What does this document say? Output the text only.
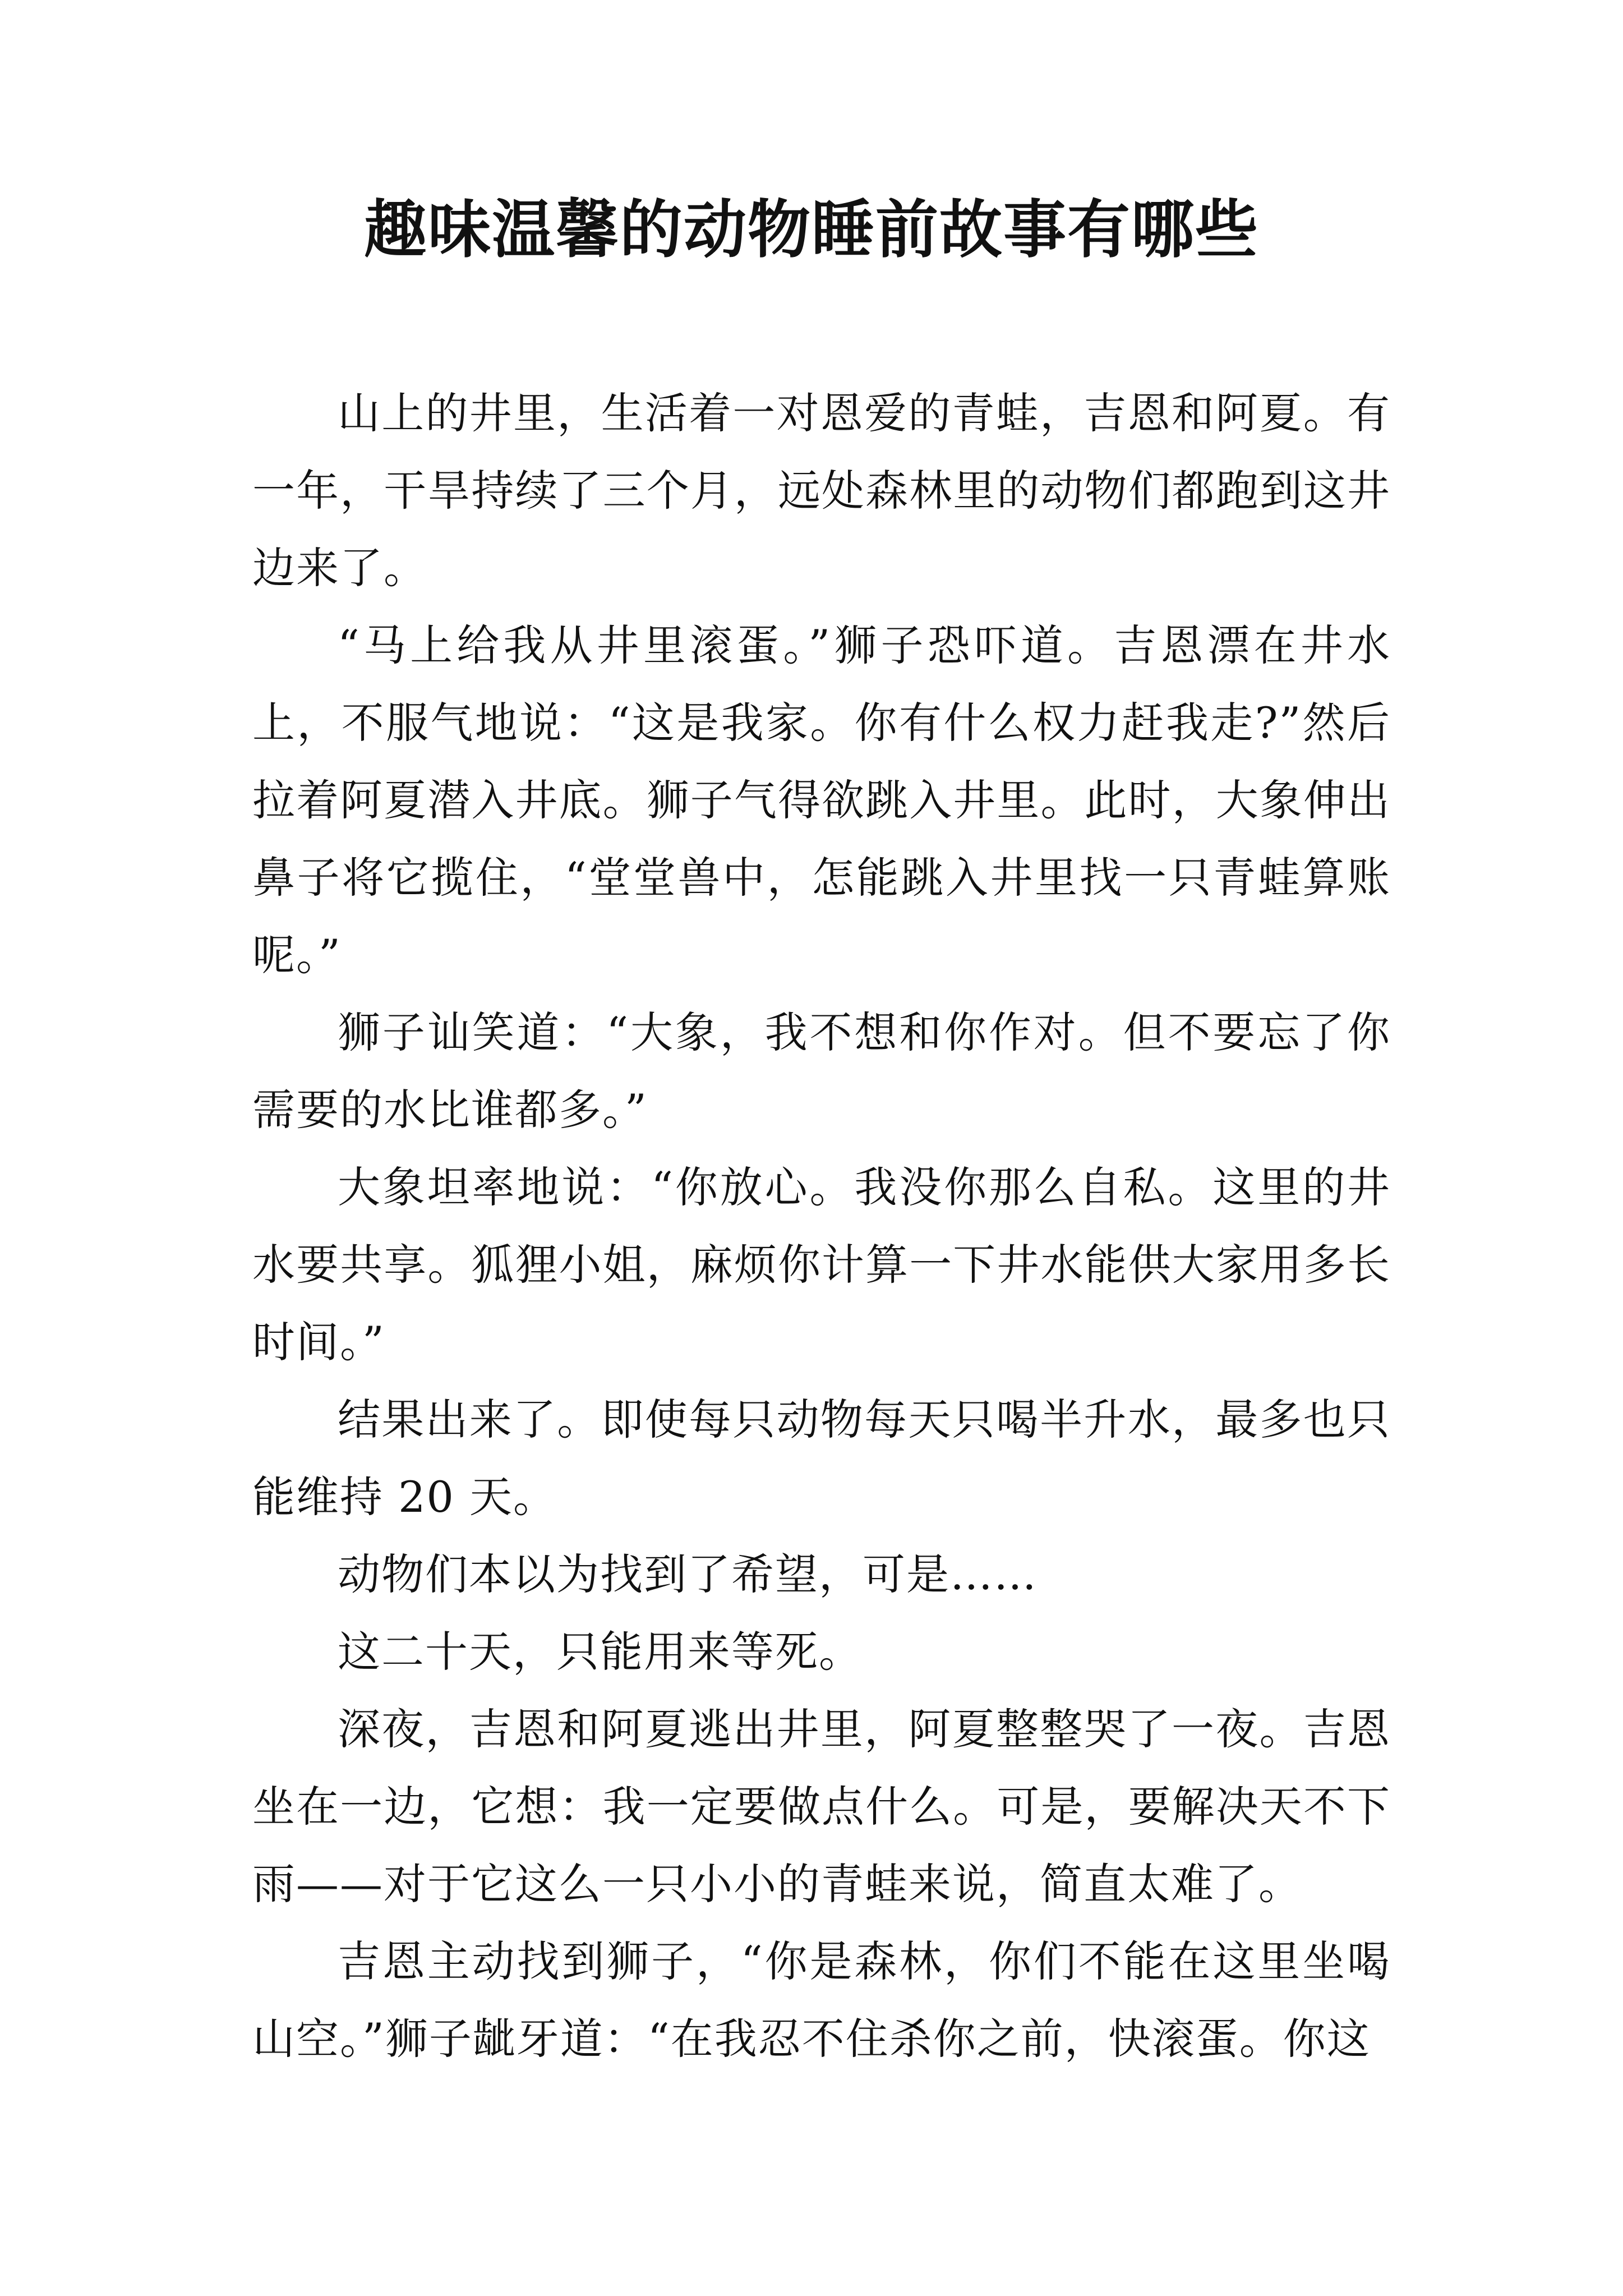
趣味温馨的动物睡前故事有哪些

山上的井里，生活着一对恩爱的青蛙，吉恩和阿夏。有一年，干旱持续了三个月，远处森林里的动物们都跑到这井边来了。

“马上给我从井里滚蛋。”狮子恐吓道。吉恩漂在井水上，不服气地说：“这是我家。你有什么权力赶我走?”然后拉着阿夏潜入井底。狮子气得欲跳入井里。此时，大象伸出鼻子将它揽住，“堂堂兽中，怎能跳入井里找一只青蛙算账呢。”

狮子讪笑道：“大象，我不想和你作对。但不要忘了你需要的水比谁都多。”

大象坦率地说：“你放心。我没你那么自私。这里的井水要共享。狐狸小姐，麻烦你计算一下井水能供大家用多长时间。”

结果出来了。即使每只动物每天只喝半升水，最多也只能维持 20 天。

动物们本以为找到了希望，可是……

这二十天，只能用来等死。

深夜，吉恩和阿夏逃出井里，阿夏整整哭了一夜。吉恩坐在一边，它想：我一定要做点什么。可是，要解决天不下雨——对于它这么一只小小的青蛙来说，简直太难了。

吉恩主动找到狮子，“你是森林，你们不能在这里坐喝山空。”狮子龇牙道：“在我忍不住杀你之前，快滚蛋。你这
